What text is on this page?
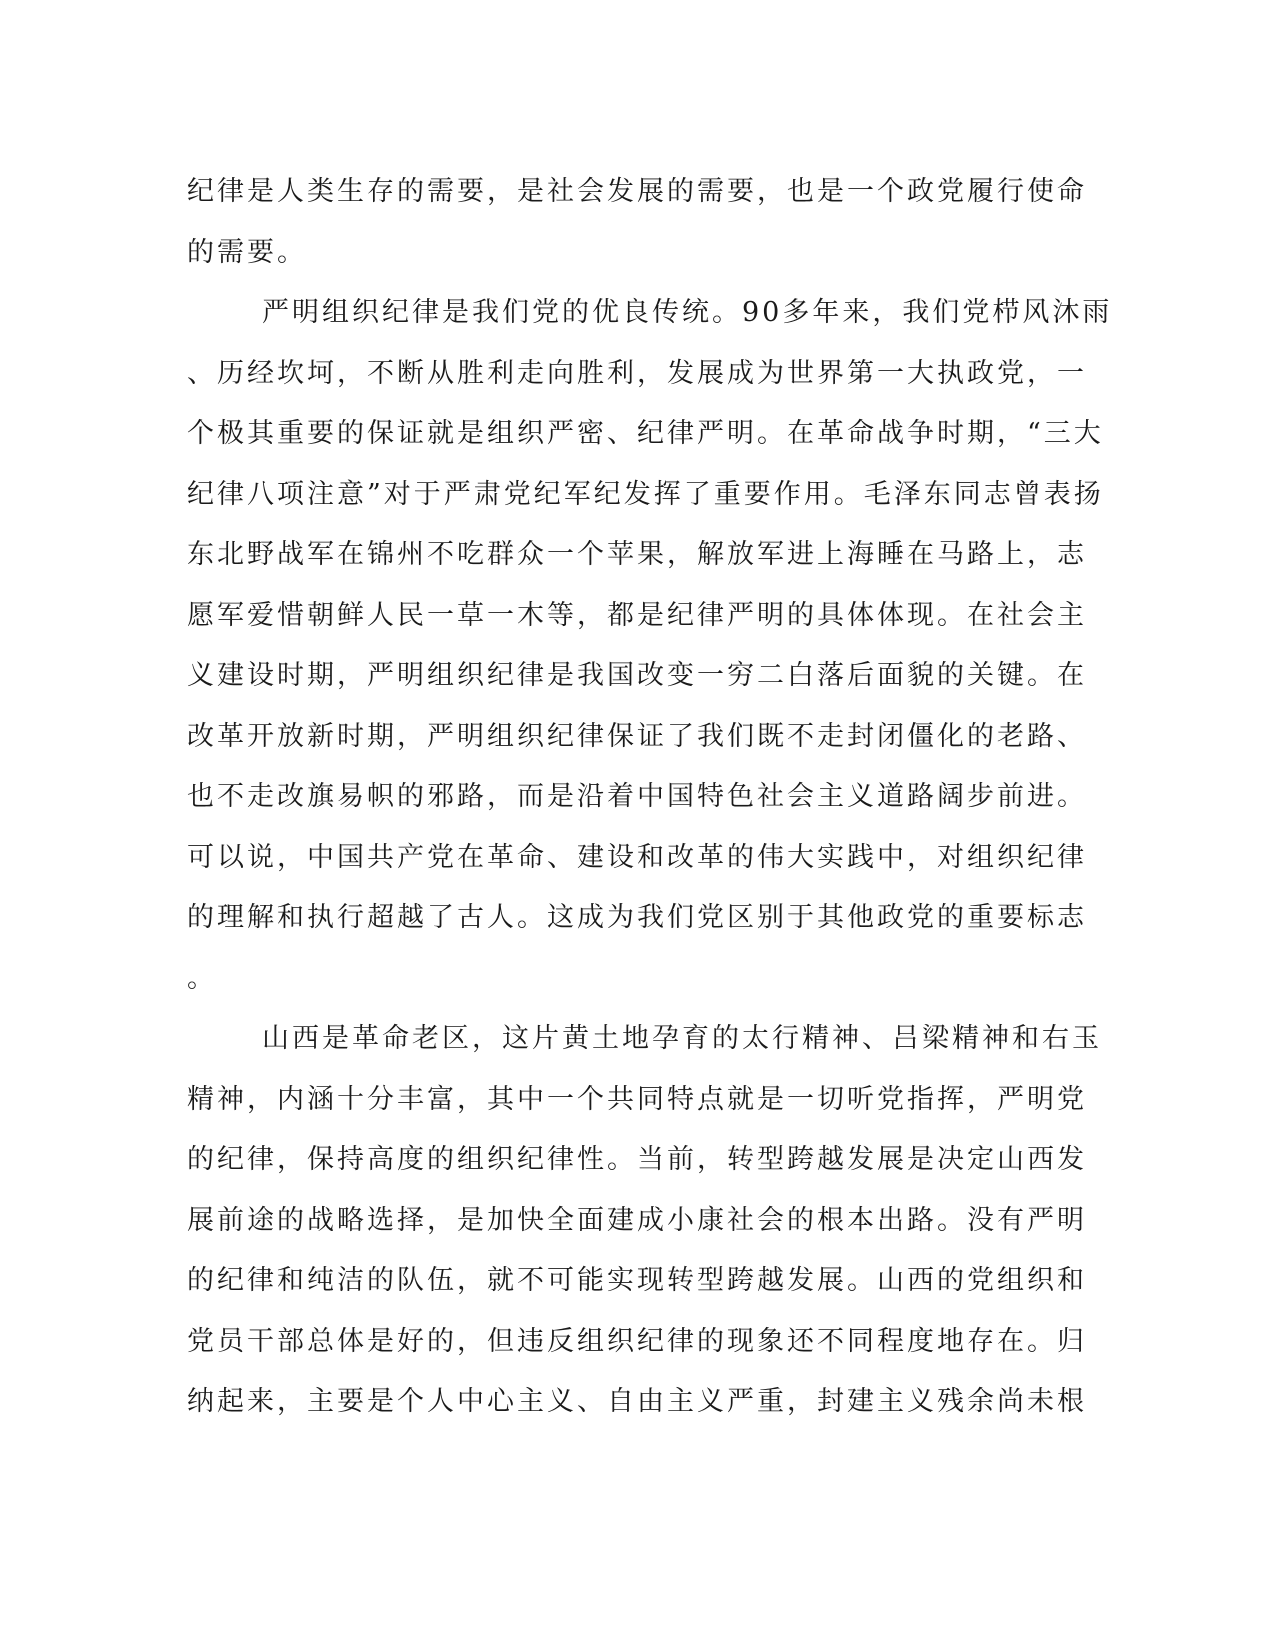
纪律是人类生存的需要，是社会发展的需要，也是一个政党履行使命
的需要。
严明组织纪律是我们党的优良传统。90多年来，我们党栉风沐雨
、历经坎坷，不断从胜利走向胜利，发展成为世界第一大执政党，一
个极其重要的保证就是组织严密、纪律严明。在革命战争时期，“三大
纪律八项注意”对于严肃党纪军纪发挥了重要作用。毛泽东同志曾表扬
东北野战军在锦州不吃群众一个苹果，解放军进上海睡在马路上，志
愿军爱惜朝鲜人民一草一木等，都是纪律严明的具体体现。在社会主
义建设时期，严明组织纪律是我国改变一穷二白落后面貌的关键。在
改革开放新时期，严明组织纪律保证了我们既不走封闭僵化的老路、
也不走改旗易帜的邪路，而是沿着中国特色社会主义道路阔步前进。
可以说，中国共产党在革命、建设和改革的伟大实践中，对组织纪律
的理解和执行超越了古人。这成为我们党区别于其他政党的重要标志
。
山西是革命老区，这片黄土地孕育的太行精神、吕梁精神和右玉
精神，内涵十分丰富，其中一个共同特点就是一切听党指挥，严明党
的纪律，保持高度的组织纪律性。当前，转型跨越发展是决定山西发
展前途的战略选择，是加快全面建成小康社会的根本出路。没有严明
的纪律和纯洁的队伍，就不可能实现转型跨越发展。山西的党组织和
党员干部总体是好的，但违反组织纪律的现象还不同程度地存在。归
纳起来，主要是个人中心主义、自由主义严重，封建主义残余尚未根
